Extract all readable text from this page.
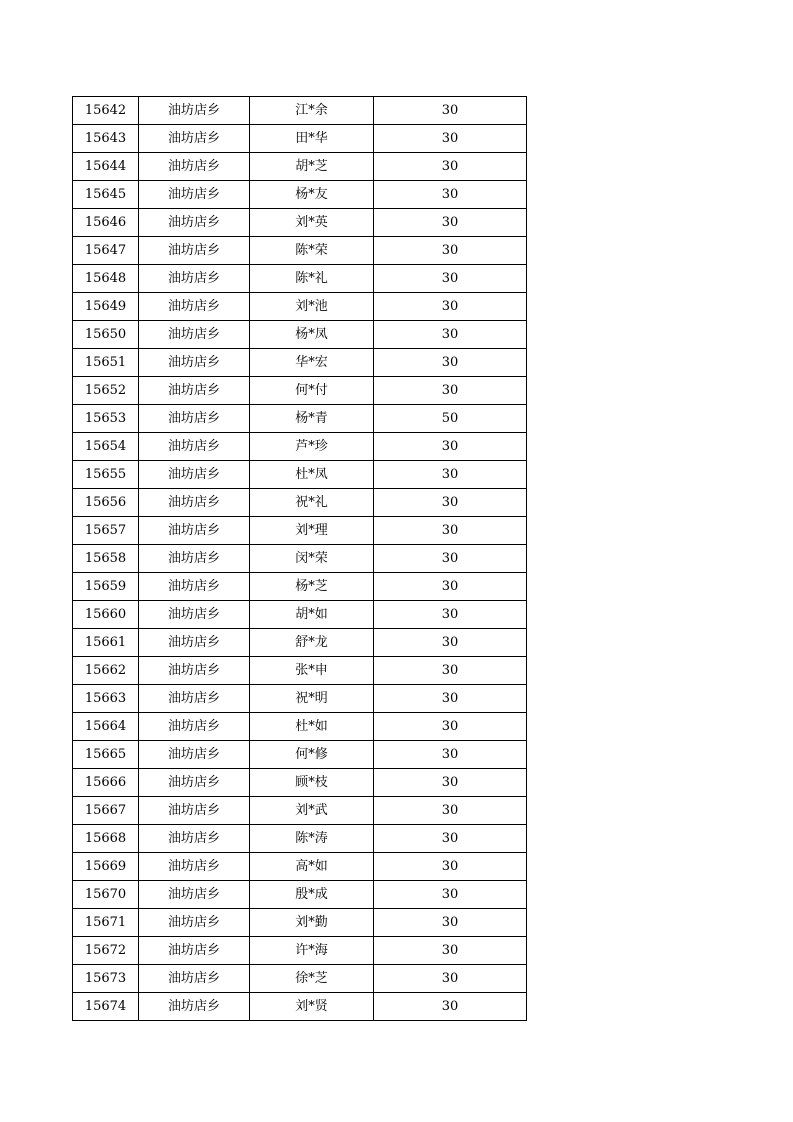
15642	油坊店乡	江*余	30
15643	油坊店乡	田*华	30
15644	油坊店乡	胡*芝	30
15645	油坊店乡	杨*友	30
15646	油坊店乡	刘*英	30
15647	油坊店乡	陈*荣	30
15648	油坊店乡	陈*礼	30
15649	油坊店乡	刘*池	30
15650	油坊店乡	杨*凤	30
15651	油坊店乡	华*宏	30
15652	油坊店乡	何*付	30
15653	油坊店乡	杨*青	50
15654	油坊店乡	芦*珍	30
15655	油坊店乡	杜*凤	30
15656	油坊店乡	祝*礼	30
15657	油坊店乡	刘*理	30
15658	油坊店乡	闵*荣	30
15659	油坊店乡	杨*芝	30
15660	油坊店乡	胡*如	30
15661	油坊店乡	舒*龙	30
15662	油坊店乡	张*申	30
15663	油坊店乡	祝*明	30
15664	油坊店乡	杜*如	30
15665	油坊店乡	何*修	30
15666	油坊店乡	顾*枝	30
15667	油坊店乡	刘*武	30
15668	油坊店乡	陈*涛	30
15669	油坊店乡	高*如	30
15670	油坊店乡	殷*成	30
15671	油坊店乡	刘*勤	30
15672	油坊店乡	许*海	30
15673	油坊店乡	徐*芝	30
15674	油坊店乡	刘*贤	30
